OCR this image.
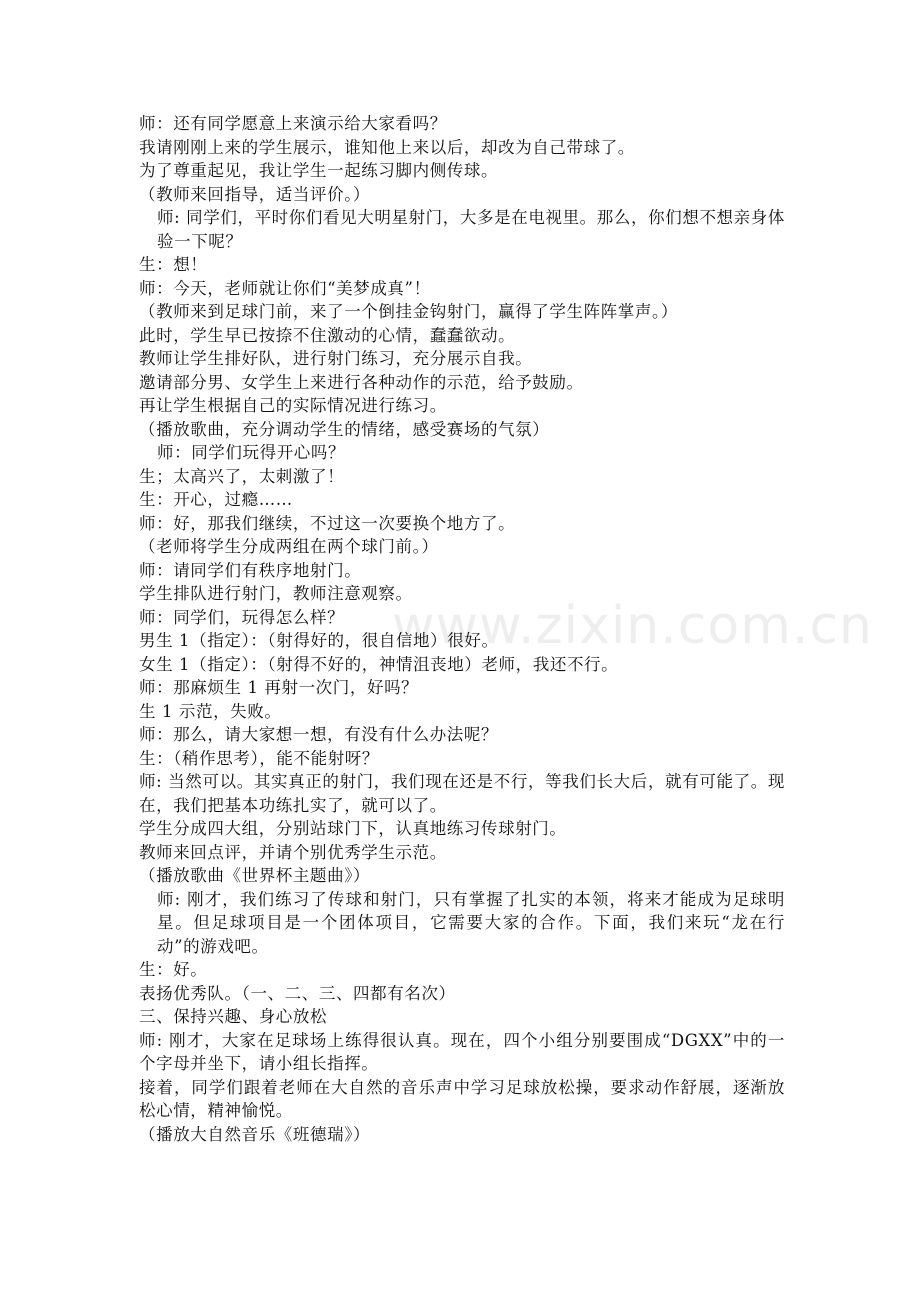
www.zixin.com.cn
师：还有同学愿意上来演示给大家看吗？
我请刚刚上来的学生展示，谁知他上来以后，却改为自己带球了。
为了尊重起见，我让学生一起练习脚内侧传球。
（教师来回指导，适当评价。）
师: 同学们，平时你们看见大明星射门，大多是在电视里。那么，你们想不想亲身体验一下呢？
生：想！
师：今天，老师就让你们“美梦成真”！
（教师来到足球门前，来了一个倒挂金钩射门，赢得了学生阵阵掌声。）
此时，学生早已按捺不住激动的心情，蠢蠢欲动。
教师让学生排好队，进行射门练习，充分展示自我。
邀请部分男、女学生上来进行各种动作的示范，给予鼓励。
再让学生根据自己的实际情况进行练习。
（播放歌曲，充分调动学生的情绪，感受赛场的气氛）
师：同学们玩得开心吗？
生；太高兴了，太刺激了！
生：开心，过瘾……
师：好，那我们继续，不过这一次要换个地方了。
（老师将学生分成两组在两个球门前。）
师：请同学们有秩序地射门。
学生排队进行射门，教师注意观察。
师：同学们，玩得怎么样？
男生 1（指定）：（射得好的，很自信地）很好。
女生 1（指定）：（射得不好的，神情沮丧地）老师，我还不行。
师：那麻烦生 1 再射一次门，好吗？
生 1 示范，失败。
师：那么，请大家想一想，有没有什么办法呢？
生：（稍作思考），能不能射呀？
师: 当然可以。其实真正的射门，我们现在还是不行，等我们长大后，就有可能了。现在，我们把基本功练扎实了，就可以了。
学生分成四大组，分别站球门下，认真地练习传球射门。
教师来回点评，并请个别优秀学生示范。
（播放歌曲《世界杯主题曲》）
师: 刚才，我们练习了传球和射门，只有掌握了扎实的本领，将来才能成为足球明星。但足球项目是一个团体项目，它需要大家的合作。下面，我们来玩“龙在行动”的游戏吧。
生：好。
表扬优秀队。（一、二、三、四都有名次）
三、保持兴趣、身心放松
师: 刚才，大家在足球场上练得很认真。现在，四个小组分别要围成“DGXX”中的一个字母并坐下，请小组长指挥。
接着，同学们跟着老师在大自然的音乐声中学习足球放松操，要求动作舒展，逐渐放松心情，精神愉悦。
（播放大自然音乐《班德瑞》）
